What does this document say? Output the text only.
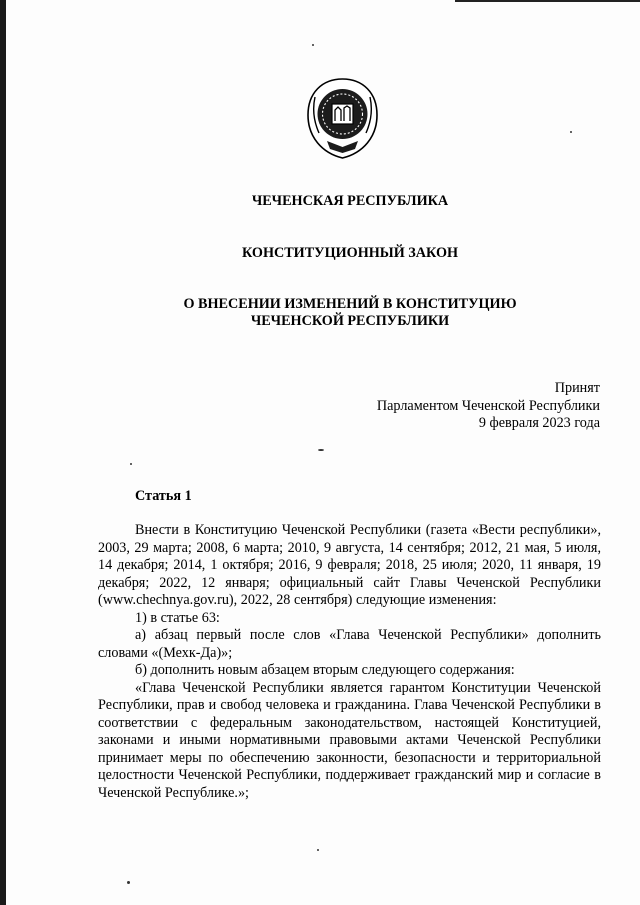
ЧЕЧЕНСКАЯ РЕСПУБЛИКА
КОНСТИТУЦИОННЫЙ ЗАКОН
О ВНЕСЕНИИ ИЗМЕНЕНИЙ В КОНСТИТУЦИЮ
ЧЕЧЕНСКОЙ РЕСПУБЛИКИ
Принят
Парламентом Чеченской Республики
9 февраля 2023 года
Статья 1

Внести в Конституцию Чеченской Республики (газета «Вести республики», 2003, 29 марта; 2008, 6 марта; 2010, 9 августа, 14 сентября; 2012, 21 мая, 5 июля, 14 декабря; 2014, 1 октября; 2016, 9 февраля; 2018, 25 июля; 2020, 11 января, 19 декабря; 2022, 12 января; официальный сайт Главы Чеченской Республики (www.chechnya.gov.ru), 2022, 28 сентября) следующие изменения:

1) в статье 63:

а) абзац первый после слов «Глава Чеченской Республики» дополнить словами «(Мехк-Да)»;

б) дополнить новым абзацем вторым следующего содержания:

«Глава Чеченской Республики является гарантом Конституции Чеченской Республики, прав и свобод человека и гражданина. Глава Чеченской Республики в соответствии с федеральным законодательством, настоящей Конституцией, законами и иными нормативными правовыми актами Чеченской Республики принимает меры по обеспечению законности, безопасности и территориальной целостности Чеченской Республики, поддерживает гражданский мир и согласие в Чеченской Республике.»;
